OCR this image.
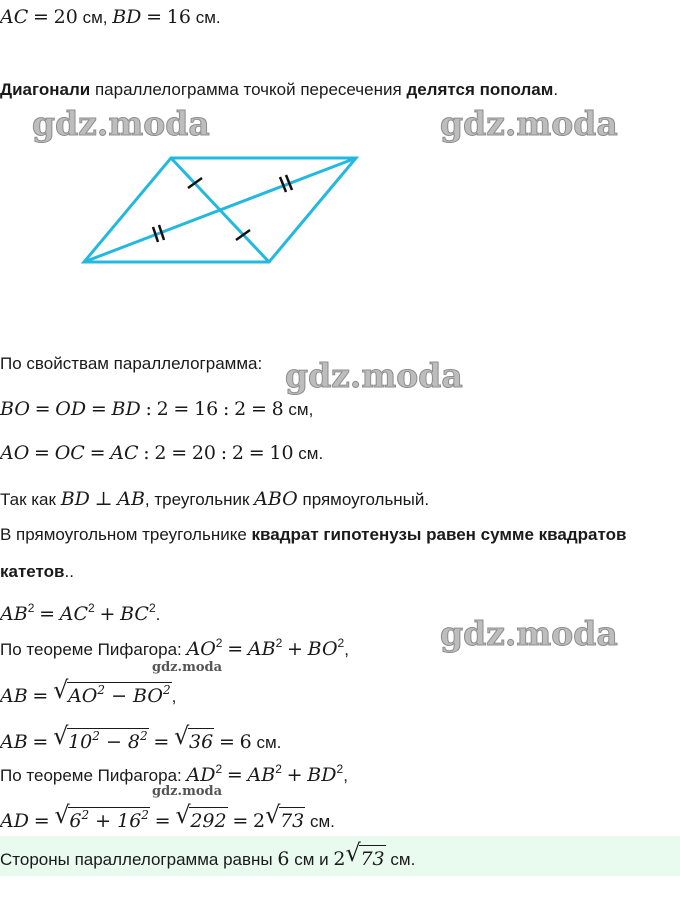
AC = 20 см, BD = 16 см.
Диагонали параллелограмма точкой пересечения делятся пополам.
gdz.moda	gdz.moda
По свойствам параллелограмма: gdz.moda
BO = OD = BD : 2 = 16 : 2 = 8 см,
AO = OC = AC : 2 = 20 : 2 = 10 см.
Так как BD ⊥ AB, треугольник ABO прямоугольный.
В прямоугольном треугольнике квадрат гипотенузы равен сумме квадратов
катетов..
$AB^2 = AC^2 + BC^2$.
По теореме Пифагора: $AO^2 = AB^2 + BO^2$,	gdz.moda
gdz.moda
AB = √ $AO^2 - BO^2$,
AB = √ $10^2 - 8^2$ = √ 36 = 6 см.
По теореме Пифагора: $AD^2 = AB^2 + BD^2$,
gdz.moda
AD = √ $6^2 + 16^2$ = √ 292 = 2 √ 73 см.
Стороны параллелограмма равны 6 см и 2 √ 73 см.
